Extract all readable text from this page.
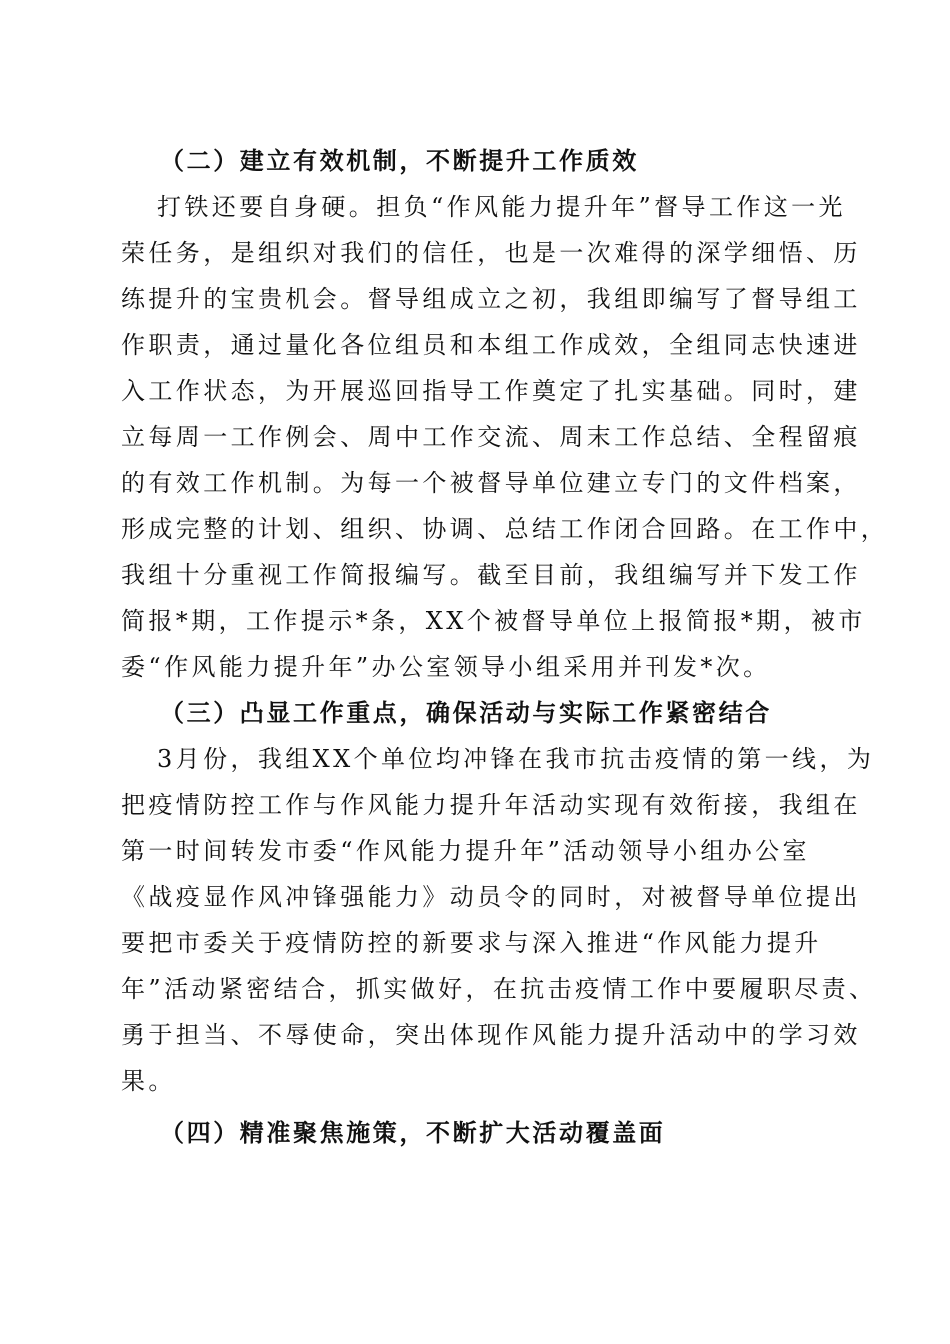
（二）建立有效机制，不断提升工作质效
打铁还要自身硬。担负“作风能力提升年”督导工作这一光
荣任务，是组织对我们的信任，也是一次难得的深学细悟、历
练提升的宝贵机会。督导组成立之初，我组即编写了督导组工
作职责，通过量化各位组员和本组工作成效，全组同志快速进
入工作状态，为开展巡回指导工作奠定了扎实基础。同时，建
立每周一工作例会、周中工作交流、周末工作总结、全程留痕
的有效工作机制。为每一个被督导单位建立专门的文件档案，
形成完整的计划、组织、协调、总结工作闭合回路。在工作中，
我组十分重视工作简报编写。截至目前，我组编写并下发工作
简报*期，工作提示*条，XX个被督导单位上报简报*期，被市
委“作风能力提升年”办公室领导小组采用并刊发*次。
（三）凸显工作重点，确保活动与实际工作紧密结合
3月份，我组XX个单位均冲锋在我市抗击疫情的第一线，为
把疫情防控工作与作风能力提升年活动实现有效衔接，我组在
第一时间转发市委“作风能力提升年”活动领导小组办公室
《战疫显作风冲锋强能力》动员令的同时，对被督导单位提出
要把市委关于疫情防控的新要求与深入推进“作风能力提升
年”活动紧密结合，抓实做好，在抗击疫情工作中要履职尽责、
勇于担当、不辱使命，突出体现作风能力提升活动中的学习效
果。
（四）精准聚焦施策，不断扩大活动覆盖面
